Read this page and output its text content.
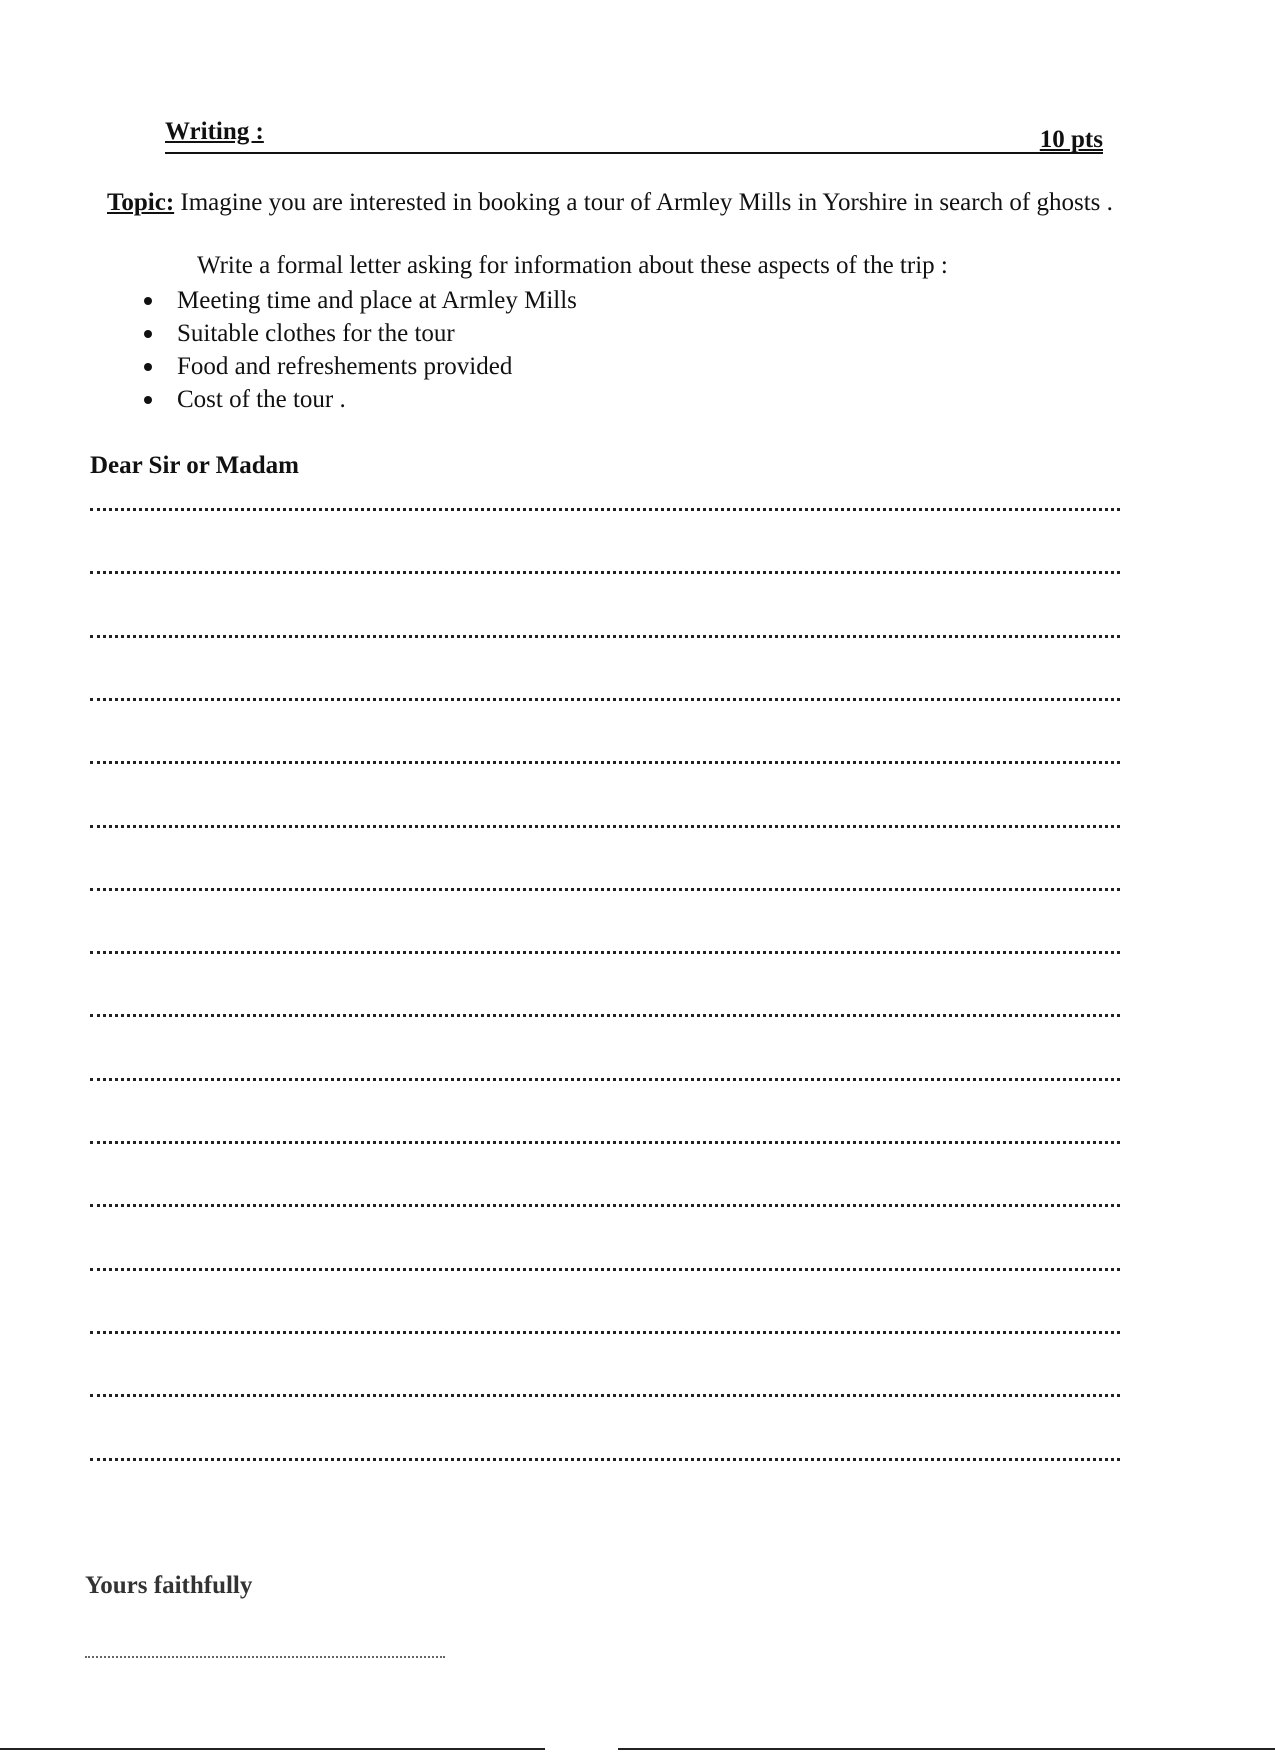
Writing :	10 pts
Topic: Imagine you are interested in booking a tour of Armley Mills in Yorshire in search of ghosts .
Write a formal letter asking for information about these aspects of the trip :
Meeting time and place at Armley Mills
Suitable clothes for the tour
Food and refreshements provided
Cost of the tour .
Dear Sir or Madam
Yours faithfully
